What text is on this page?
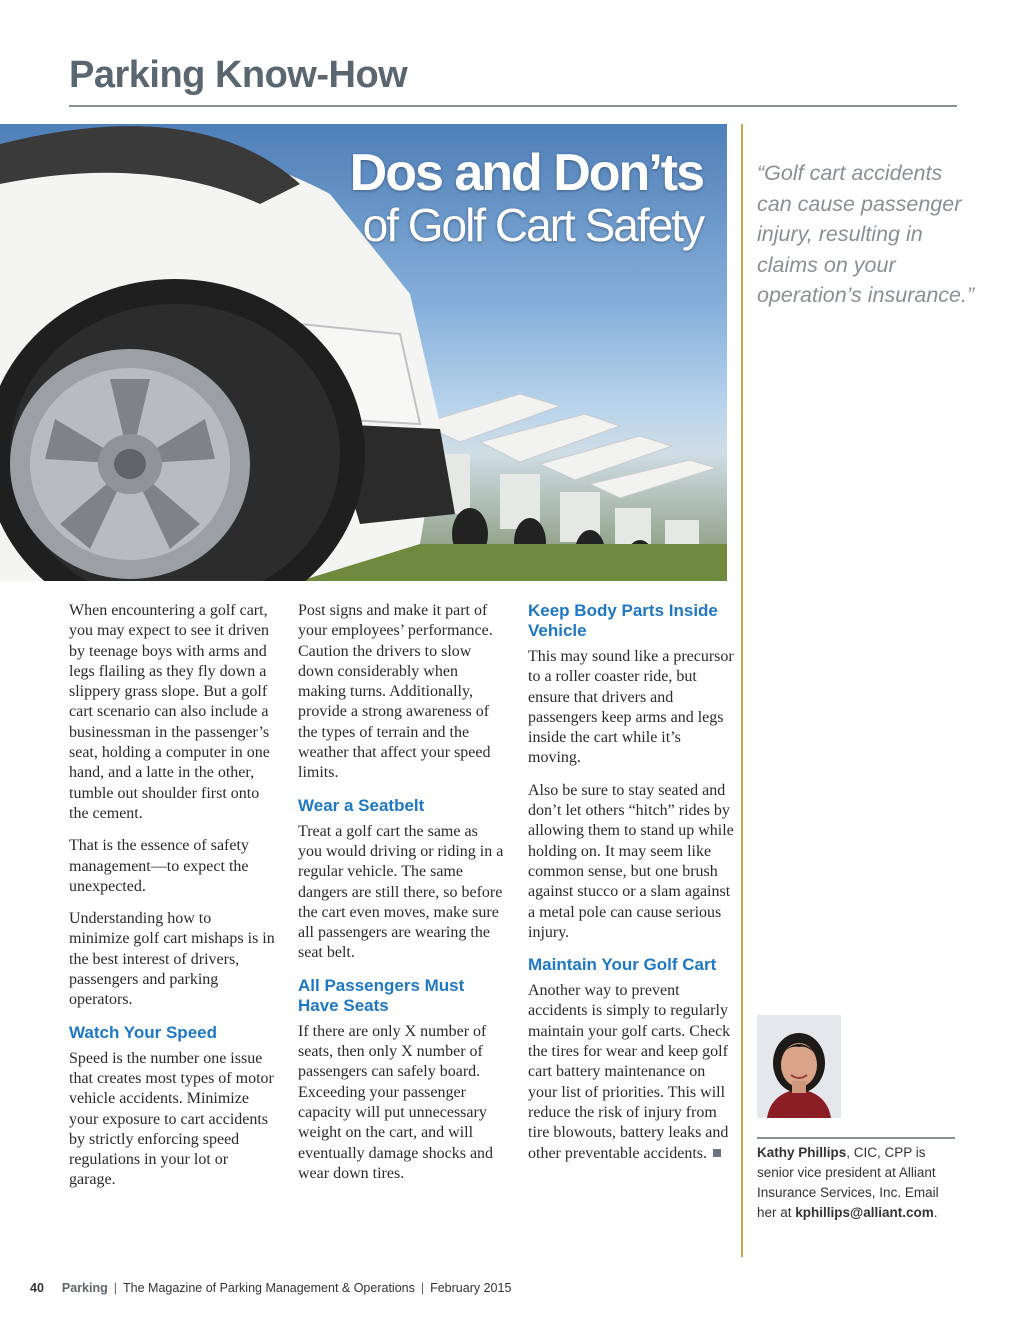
Parking Know-How
Dos and Don’ts
of Golf Cart Safety

“Golf cart accidents can cause passenger injury, resulting in claims on your operation’s insurance.”

When encountering a golf cart, you may expect to see it driven by teenage boys with arms and legs flailing as they fly down a slippery grass slope. But a golf cart scenario can also include a businessman in the passenger’s seat, holding a computer in one hand, and a latte in the other, tumble out shoulder first onto the cement.

That is the essence of safety management—to expect the unexpected.

Understanding how to minimize golf cart mishaps is in the best interest of drivers, passengers and parking operators.

Watch Your Speed

Speed is the number one issue that creates most types of motor vehicle accidents. Minimize your exposure to cart accidents by strictly enforcing speed regulations in your lot or garage.

Post signs and make it part of your employees’ performance. Caution the drivers to slow down considerably when making turns. Additionally, provide a strong awareness of the types of terrain and the weather that affect your speed limits.

Wear a Seatbelt

Treat a golf cart the same as you would driving or riding in a regular vehicle. The same dangers are still there, so before the cart even moves, make sure all passengers are wearing the seat belt.

All Passengers Must Have Seats

If there are only X number of seats, then only X number of passengers can safely board. Exceeding your passenger capacity will put unnecessary weight on the cart, and will eventually damage shocks and wear down tires.

Keep Body Parts Inside Vehicle

This may sound like a precursor to a roller coaster ride, but ensure that drivers and passengers keep arms and legs inside the cart while it’s moving.

Also be sure to stay seated and don’t let others “hitch” rides by allowing them to stand up while holding on. It may seem like common sense, but one brush against stucco or a slam against a metal pole can cause serious injury.

Maintain Your Golf Cart

Another way to prevent accidents is simply to regularly maintain your golf carts. Check the tires for wear and keep golf cart battery maintenance on your list of priorities. This will reduce the risk of injury from tire blowouts, battery leaks and other preventable accidents.	Kathy Phillips, CIC, CPP is senior vice president at Alliant Insurance Services, Inc. Email her at kphillips@alliant.com.

40 Parking | The Magazine of Parking Management & Operations | February 2015
